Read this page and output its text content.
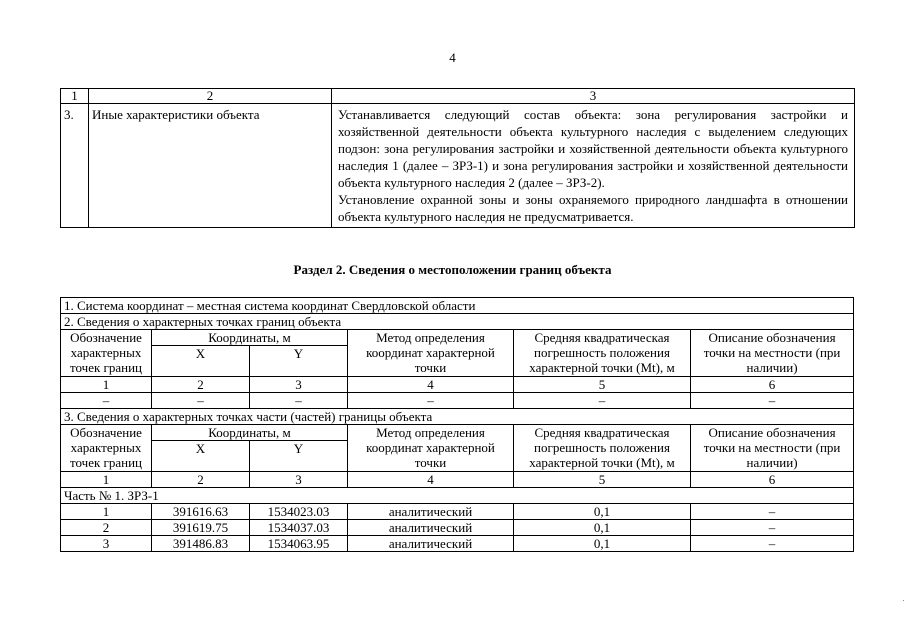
4
1	2	3
3.	Иные характеристики объекта	Устанавливается следующий состав объекта: зона регулирования застройки и хозяйственной деятельности объекта культурного наследия с выделением следующих подзон: зона регулирования застройки и хозяйственной деятельности объекта культурного наследия 1 (далее – ЗРЗ-1) и зона регулирования застройки и хозяйственной деятельности объекта культурного наследия 2 (далее – ЗРЗ-2).

Установление охранной зоны и зоны охраняемого природного ландшафта в отношении объекта культурного наследия не предусматривается.

Раздел 2. Сведения о местоположении границ объекта
1. Система координат – местная система координат Свердловской области					
2. Сведения о характерных точках границ объекта					
Обозначение характерных точек границ	Координаты, м		Метод определения координат характерной точки	Средняя квадратическая погрешность положения характерной точки (Mt), м	Описание обозначения точки на местности (при наличии)
	X	Y			
1	2	3	4	5	6
–	–	–	–	–	–
3. Сведения о характерных точках части (частей) границы объекта					
Обозначение характерных точек границ	Координаты, м		Метод определения координат характерной точки	Средняя квадратическая погрешность положения характерной точки (Mt), м	Описание обозначения точки на местности (при наличии)
	X	Y			
1	2	3	4	5	6
Часть № 1. ЗРЗ-1					
1	391616.63	1534023.03	аналитический	0,1	–
2	391619.75	1534037.03	аналитический	0,1	–
3	391486.83	1534063.95	аналитический	0,1	–
